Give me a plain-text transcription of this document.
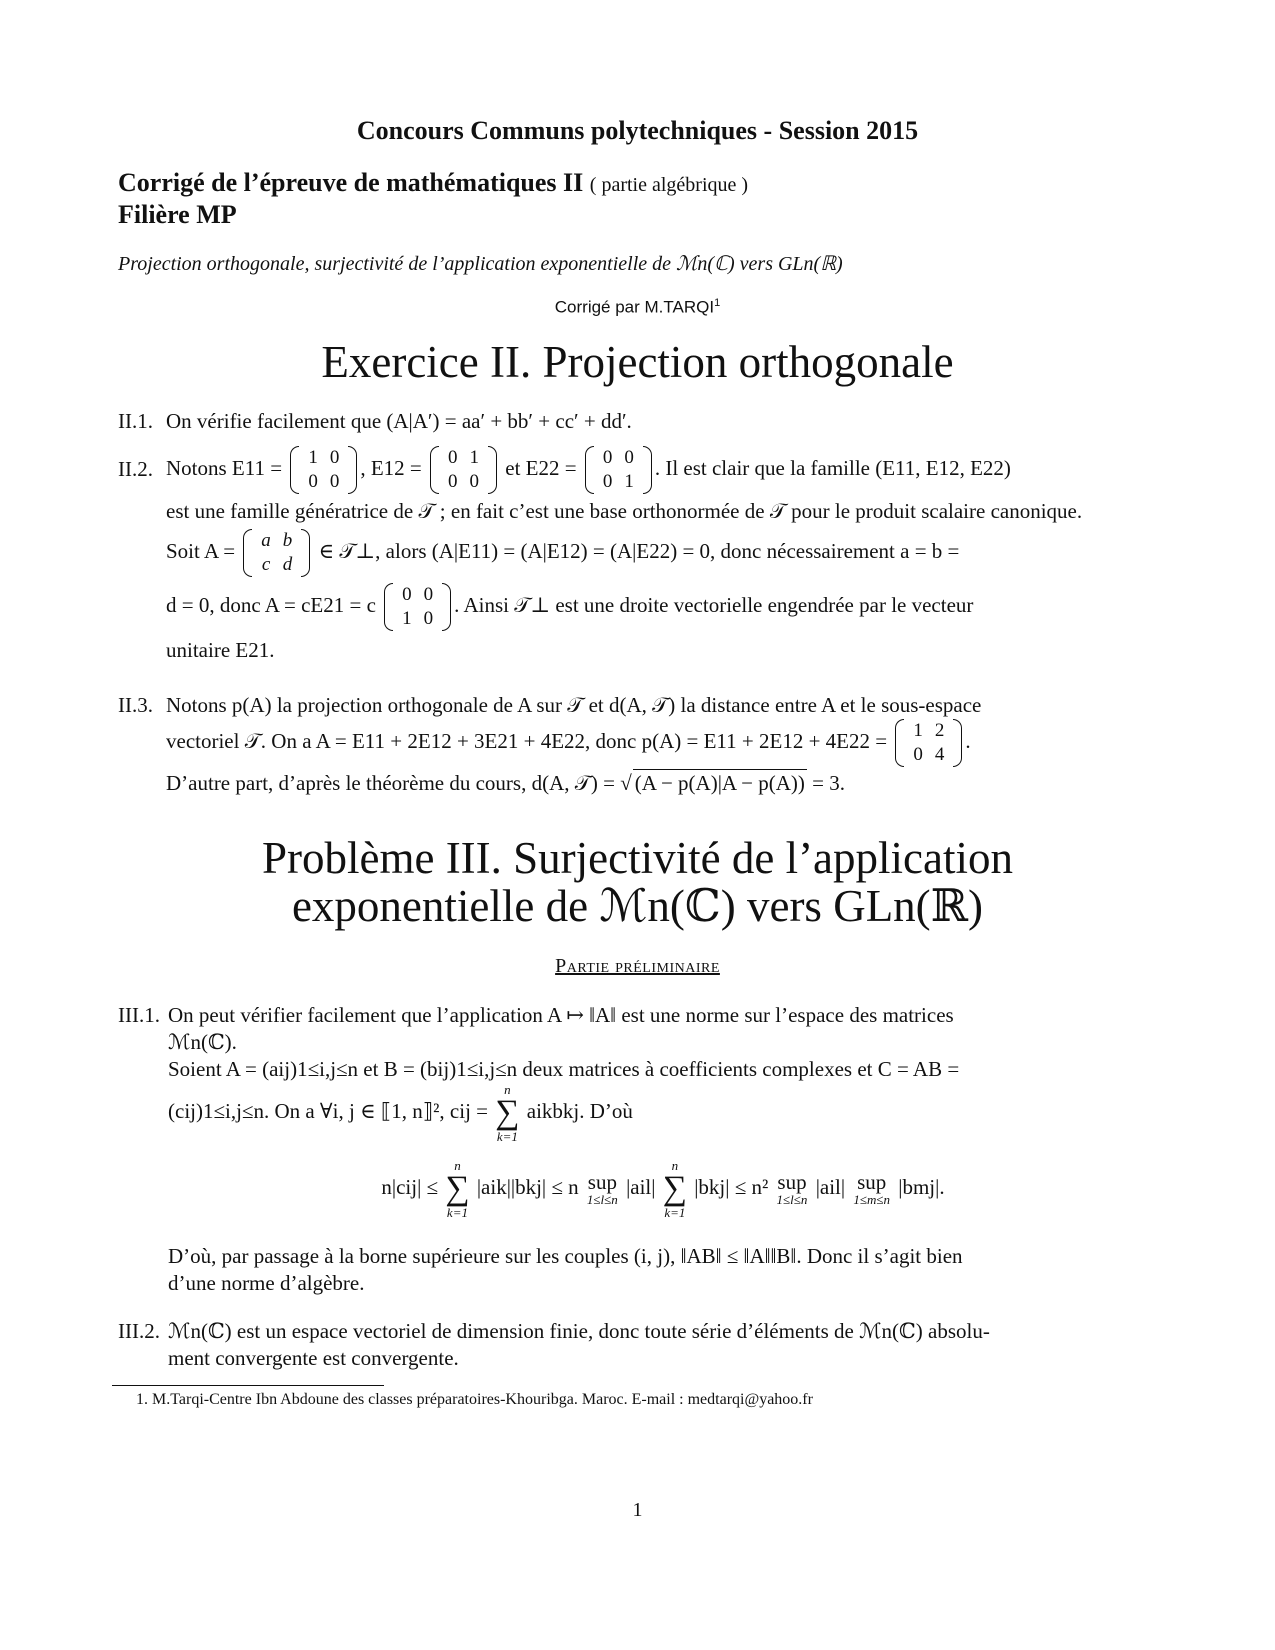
Concours Communs polytechniques - Session 2015
Corrigé de l’épreuve de mathématiques II ( partie algébrique )
Filière MP
Projection orthogonale, surjectivité de l’application exponentielle de ℳn(ℂ) vers GLn(ℝ)
Corrigé par M.TARQI$^1$
Exercice II. Projection orthogonale
II.1. On vérifie facilement que (A|A′) = aa′ + bb′ + cc′ + dd′.
II.2. Notons E11 = 1	0
0	0
, E12 = 0	1
0	0
et E22 = 0	0
0	1
. Il est clair que la famille (E11, E12, E22)
est une famille génératrice de 𝒯 ; en fait c’est une base orthonormée de 𝒯 pour le produit scalaire canonique.
Soit A = a	b
c	d
∈ 𝒯⊥, alors (A|E11) = (A|E12) = (A|E22) = 0, donc nécessairement a = b =
d = 0, donc A = cE21 = c 0	0
1	0
. Ainsi 𝒯⊥ est une droite vectorielle engendrée par le vecteur
unitaire E21.
II.3. Notons p(A) la projection orthogonale de A sur 𝒯 et d(A, 𝒯) la distance entre A et le sous-espace
vectoriel 𝒯. On a A = E11 + 2E12 + 3E21 + 4E22, donc p(A) = E11 + 2E12 + 4E22 = 1	2
0	4
.
D’autre part, d’après le théorème du cours, d(A, 𝒯) = √ (A − p(A)|A − p(A)) = 3.
Problème III. Surjectivité de l’application
exponentielle de ℳn(ℂ) vers GLn(ℝ)
Partie préliminaire
III.1. On peut vérifier facilement que l’application A ↦ ‖A‖ est une norme sur l’espace des matrices
ℳn(ℂ).
Soient A = (aij)1≤i,j≤n et B = (bij)1≤i,j≤n deux matrices à coefficients complexes et C = AB =
(cij)1≤i,j≤n. On a ∀i, j ∈ ⟦1, n⟧², cij =
n
∑
k=1
aikbkj. D’où
n|cij| ≤
n
∑
k=1
|aik||bkj| ≤ n sup
1≤l≤n
|ail|
n
∑
k=1
|bkj| ≤ n² sup
1≤l≤n
|ail| sup
1≤m≤n
|bmj|.
D’où, par passage à la borne supérieure sur les couples (i, j), ‖AB‖ ≤ ‖A‖‖B‖. Donc il s’agit bien
d’une norme d’algèbre.
III.2. ℳn(ℂ) est un espace vectoriel de dimension finie, donc toute série d’éléments de ℳn(ℂ) absolu-
ment convergente est convergente.
1. M.Tarqi-Centre Ibn Abdoune des classes préparatoires-Khouribga. Maroc. E-mail : medtarqi@yahoo.fr
1
